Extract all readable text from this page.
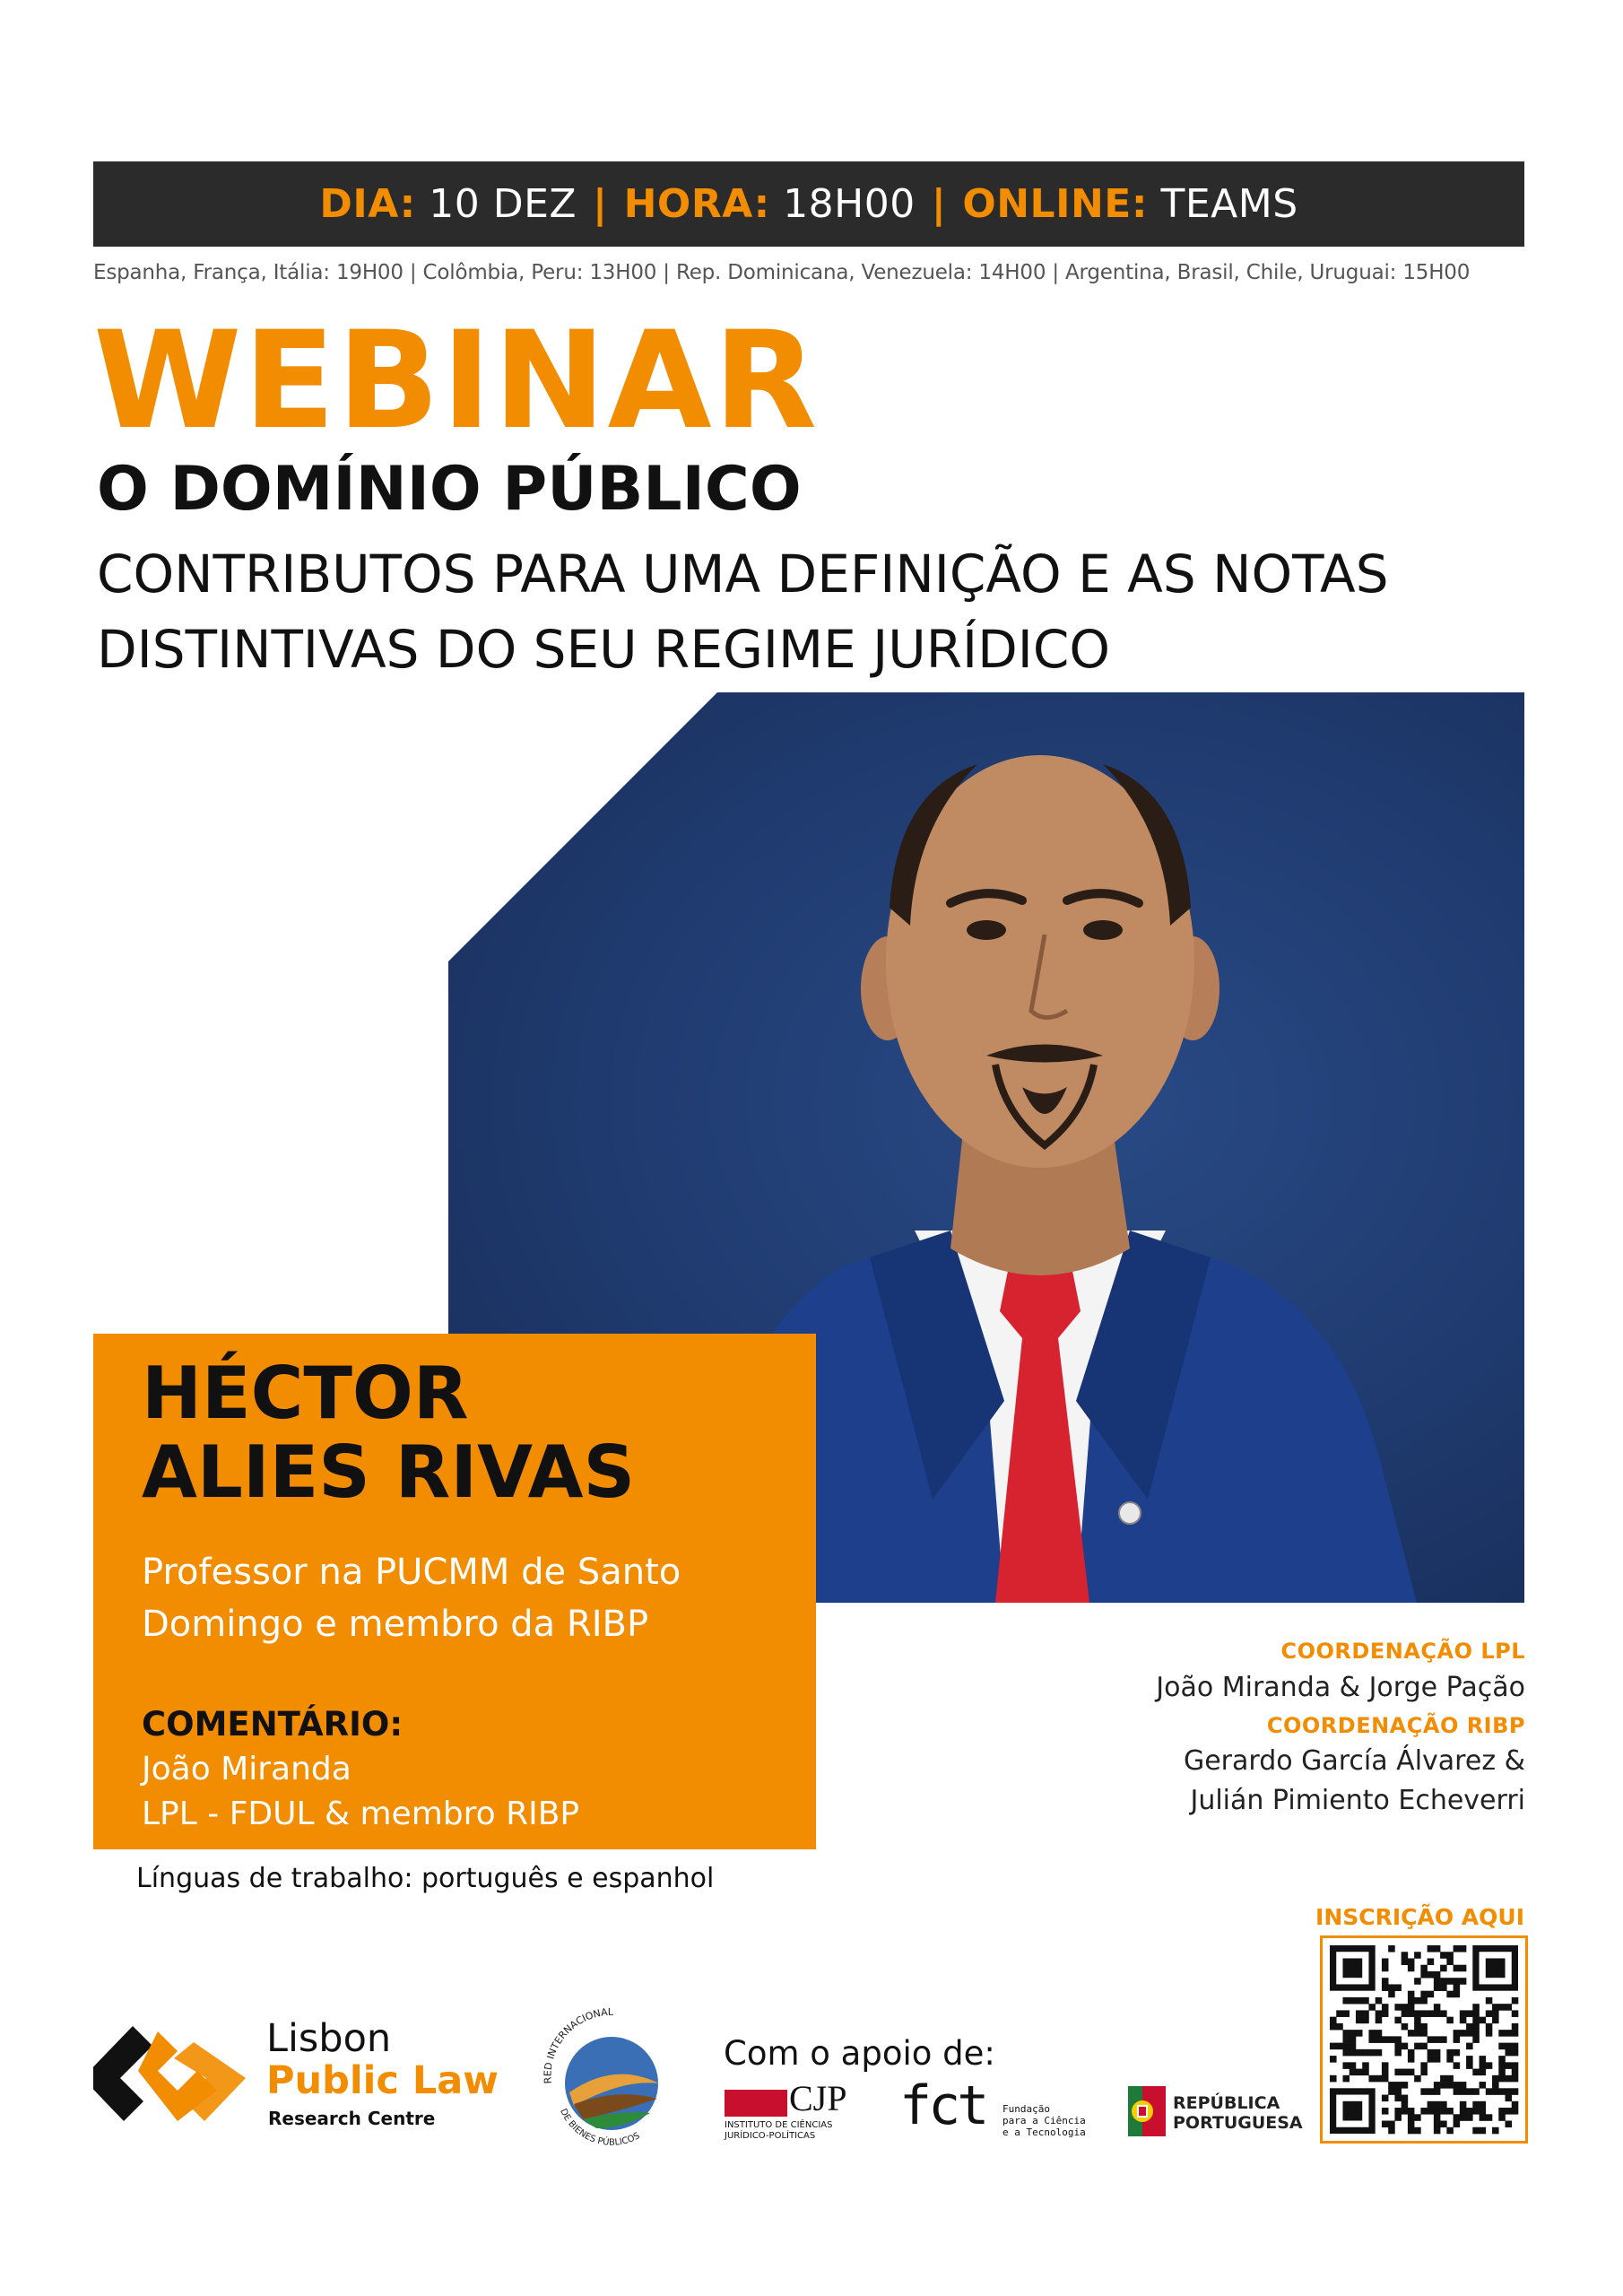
DIA:
10 DEZ | HORA:
18H00 | ONLINE:
TEAMS
Espanha, França, Itália: 19H00 | Colômbia, Peru: 13H00 | Rep. Dominicana, Venezuela: 14H00 | Argentina, Brasil, Chile, Uruguai: 15H00
WEBINAR
O DOMÍNIO PÚBLICO
CONTRIBUTOS PARA UMA DEFINIÇÃO E AS NOTAS DISTINTIVAS DO SEU REGIME JURÍDICO
HÉCTOR
ALIES RIVAS
Professor na PUCMM de Santo
Domingo e membro da RIBP
COMENTÁRIO:
João Miranda
LPL - FDUL & membro RIBP
Línguas de trabalho: português e espanhol
COORDENAÇÃO LPL
João Miranda & Jorge Pação
COORDENAÇÃO RIBP
Gerardo García Álvarez &
Julián Pimiento Echeverri
INSCRIÇÃO AQUI
Lisbon
Public Law
Research Centre
RED INTERNACIONAL
DE BIENES PÚBLICOS
Com o apoio de:
CJP
INSTITUTO DE CIÊNCIAS
JURÍDICO-POLÍTICAS	fct Fundação
para a Ciência
e a Tecnologia
REPÚBLICA
PORTUGUESA
